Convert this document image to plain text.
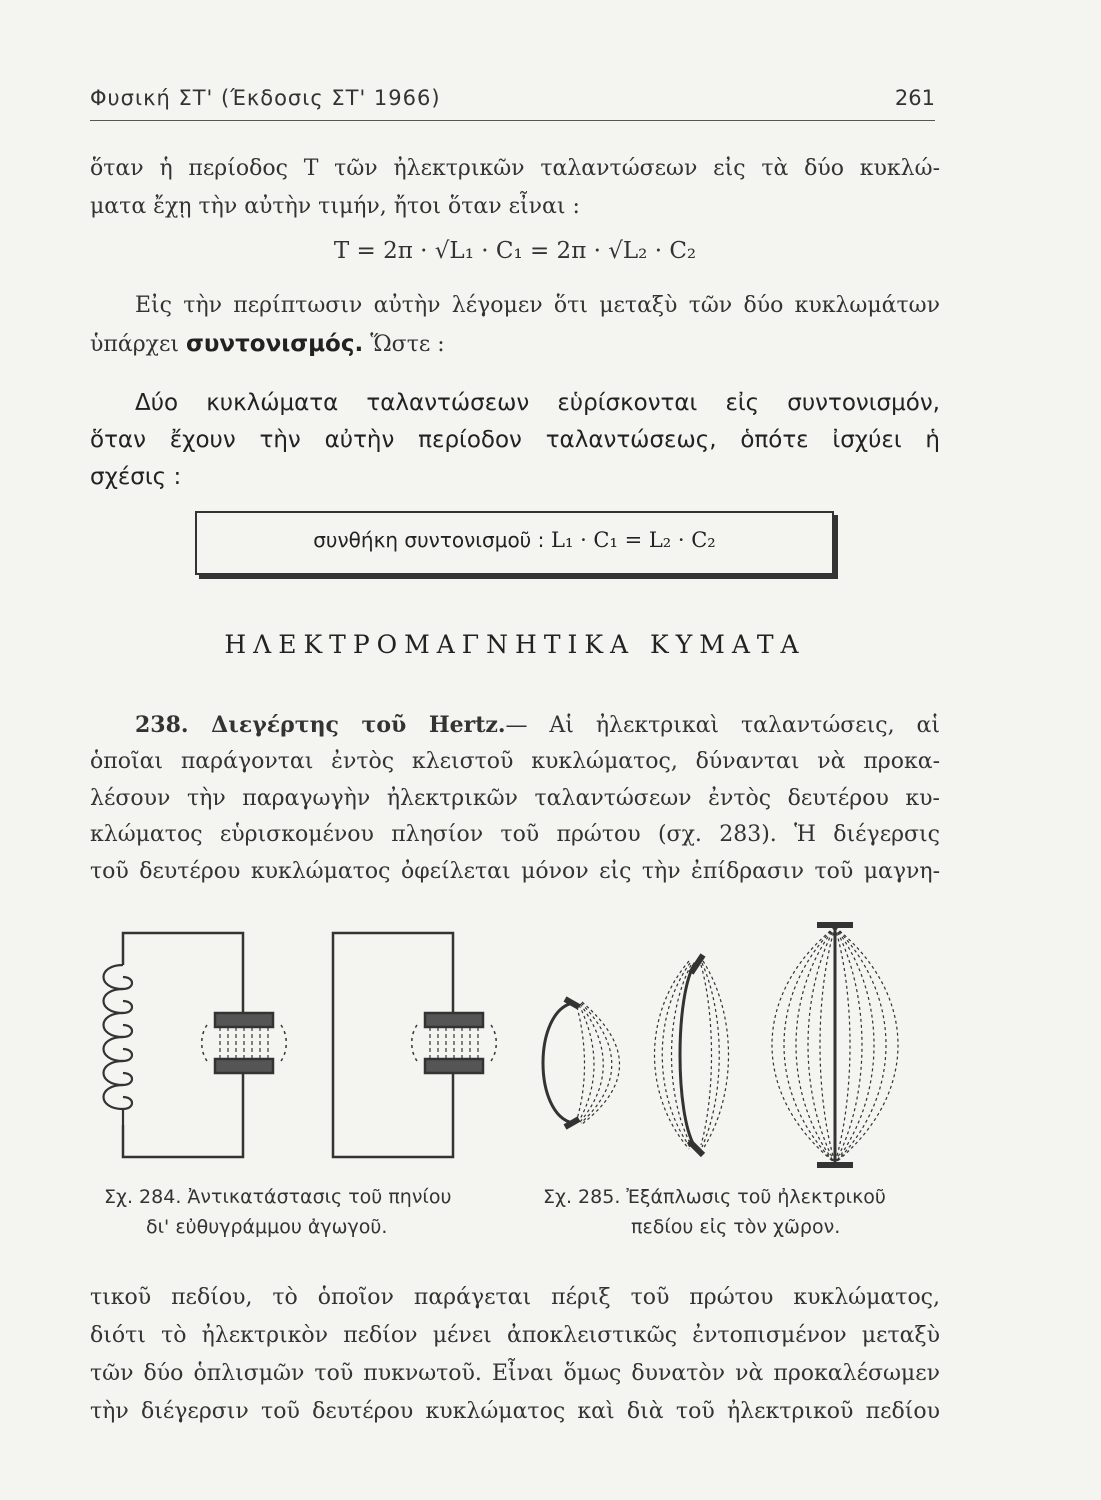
Φυσική ΣΤ' (Έκδοσις ΣΤ' 1966)	261
ὅταν ἡ περίοδος Τ τῶν ἠλεκτρικῶν ταλαντώσεων εἰς τὰ δύο κυκλώ-
ματα ἔχῃ τὴν αὐτὴν τιμήν, ἤτοι ὅταν εἶναι :
T = 2π · √L₁ · C₁ = 2π · √L₂ · C₂
Εἰς τὴν περίπτωσιν αὐτὴν λέγομεν ὅτι μεταξὺ τῶν δύο κυκλωμάτων
ὑπάρχει συντονισμός. Ὥστε :
Δύο κυκλώματα ταλαντώσεων εὑρίσκονται εἰς συντονισμόν,
ὅταν ἔχουν τὴν αὐτὴν περίοδον ταλαντώσεως, ὁπότε ἰσχύει ἡ
σχέσις :
συνθήκη συντονισμοῦ : L₁ · C₁ = L₂ · C₂
ΗΛΕΚΤΡΟΜΑΓΝΗΤΙΚΑ ΚΥΜΑΤΑ
238. Διεγέρτης τοῦ Hertz.— Αἱ ἠλεκτρικαὶ ταλαντώσεις, αἱ
ὁποῖαι παράγονται ἐντὸς κλειστοῦ κυκλώματος, δύνανται νὰ προκα-
λέσουν τὴν παραγωγὴν ἠλεκτρικῶν ταλαντώσεων ἐντὸς δευτέρου κυ-
κλώματος εὑρισκομένου πλησίον τοῦ πρώτου (σχ. 283). Ἡ διέγερσις
τοῦ δευτέρου κυκλώματος ὀφείλεται μόνον εἰς τὴν ἐπίδρασιν τοῦ μαγνη-
Σχ. 284. Ἀντικατάστασις τοῦ πηνίου
δι' εὐθυγράμμου ἀγωγοῦ.
Σχ. 285. Ἐξάπλωσις τοῦ ἠλεκτρικοῦ
πεδίου εἰς τὸν χῶρον.
τικοῦ πεδίου, τὸ ὁποῖον παράγεται πέριξ τοῦ πρώτου κυκλώματος,
διότι τὸ ἠλεκτρικὸν πεδίον μένει ἀποκλειστικῶς ἐντοπισμένον μεταξὺ
τῶν δύο ὁπλισμῶν τοῦ πυκνωτοῦ. Εἶναι ὅμως δυνατὸν νὰ προκαλέσωμεν
τὴν διέγερσιν τοῦ δευτέρου κυκλώματος καὶ διὰ τοῦ ἠλεκτρικοῦ πεδίου
